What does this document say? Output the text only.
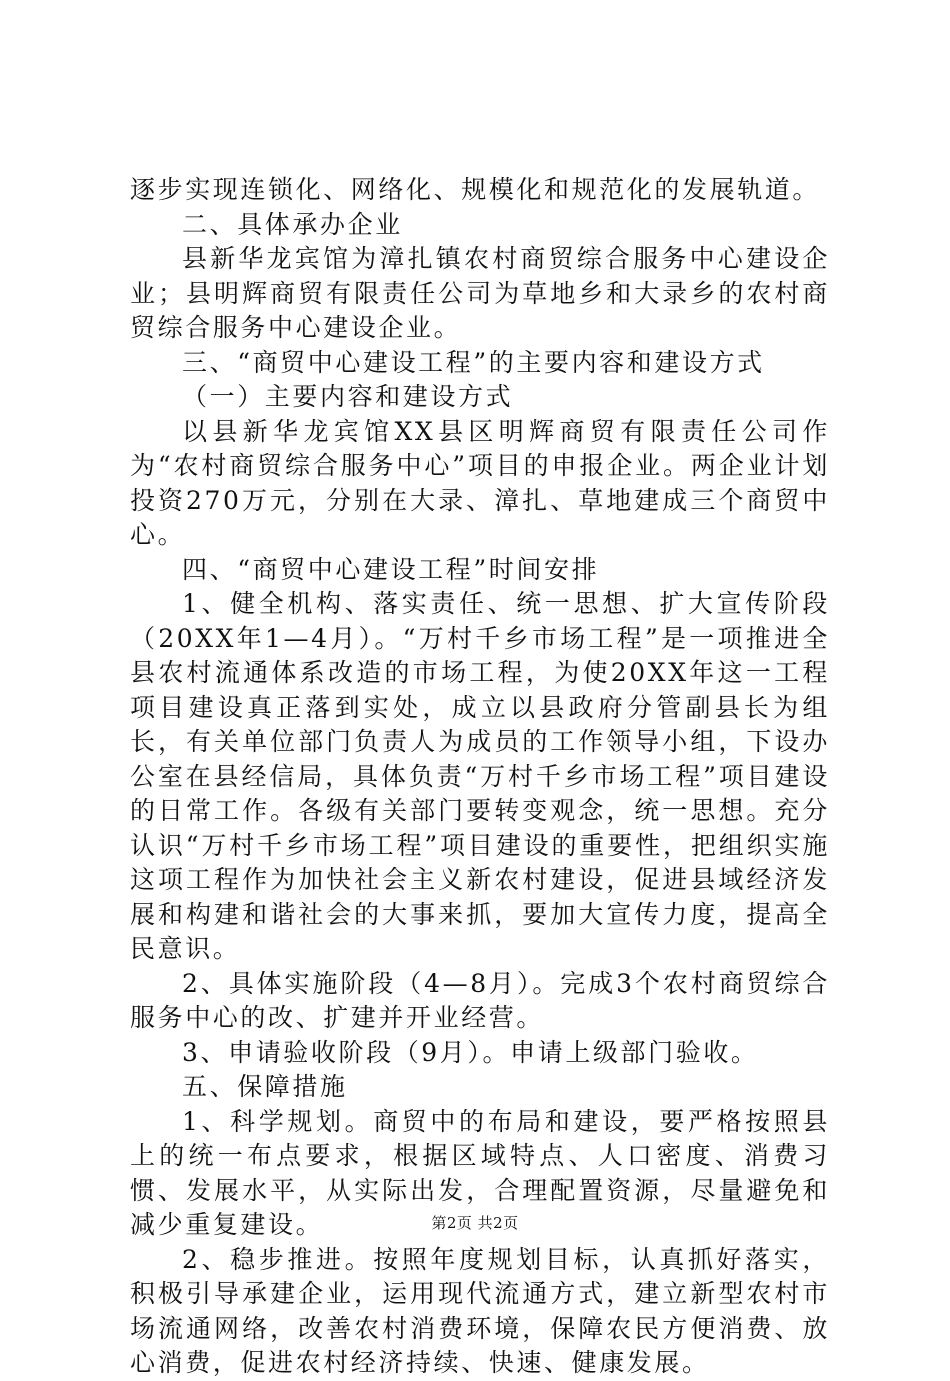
逐步实现连锁化、网络化、规模化和规范化的发展轨道。

二、具体承办企业

县新华龙宾馆为漳扎镇农村商贸综合服务中心建设企业；县明辉商贸有限责任公司为草地乡和大录乡的农村商贸综合服务中心建设企业。

三、“商贸中心建设工程”的主要内容和建设方式

（一）主要内容和建设方式

以县新华龙宾馆XX县区明辉商贸有限责任公司作为“农村商贸综合服务中心”项目的申报企业。两企业计划投资270万元，分别在大录、漳扎、草地建成三个商贸中心。

四、“商贸中心建设工程”时间安排

1、健全机构、落实责任、统一思想、扩大宣传阶段（20XX年1—4月）。“万村千乡市场工程”是一项推进全县农村流通体系改造的市场工程，为使20XX年这一工程项目建设真正落到实处，成立以县政府分管副县长为组长，有关单位部门负责人为成员的工作领导小组，下设办公室在县经信局，具体负责“万村千乡市场工程”项目建设的日常工作。各级有关部门要转变观念，统一思想。充分认识“万村千乡市场工程”项目建设的重要性，把组织实施这项工程作为加快社会主义新农村建设，促进县域经济发展和构建和谐社会的大事来抓，要加大宣传力度，提高全民意识。

2、具体实施阶段（4—8月）。完成3个农村商贸综合服务中心的改、扩建并开业经营。

3、申请验收阶段（9月）。申请上级部门验收。

五、保障措施

1、科学规划。商贸中的布局和建设，要严格按照县上的统一布点要求，根据区域特点、人口密度、消费习惯、发展水平，从实际出发，合理配置资源，尽量避免和减少重复建设。

2、稳步推进。按照年度规划目标，认真抓好落实，积极引导承建企业，运用现代流通方式，建立新型农村市场流通网络，改善农村消费环境，保障农民方便消费、放心消费，促进农村经济持续、快速、健康发展。

第2页 共2页
